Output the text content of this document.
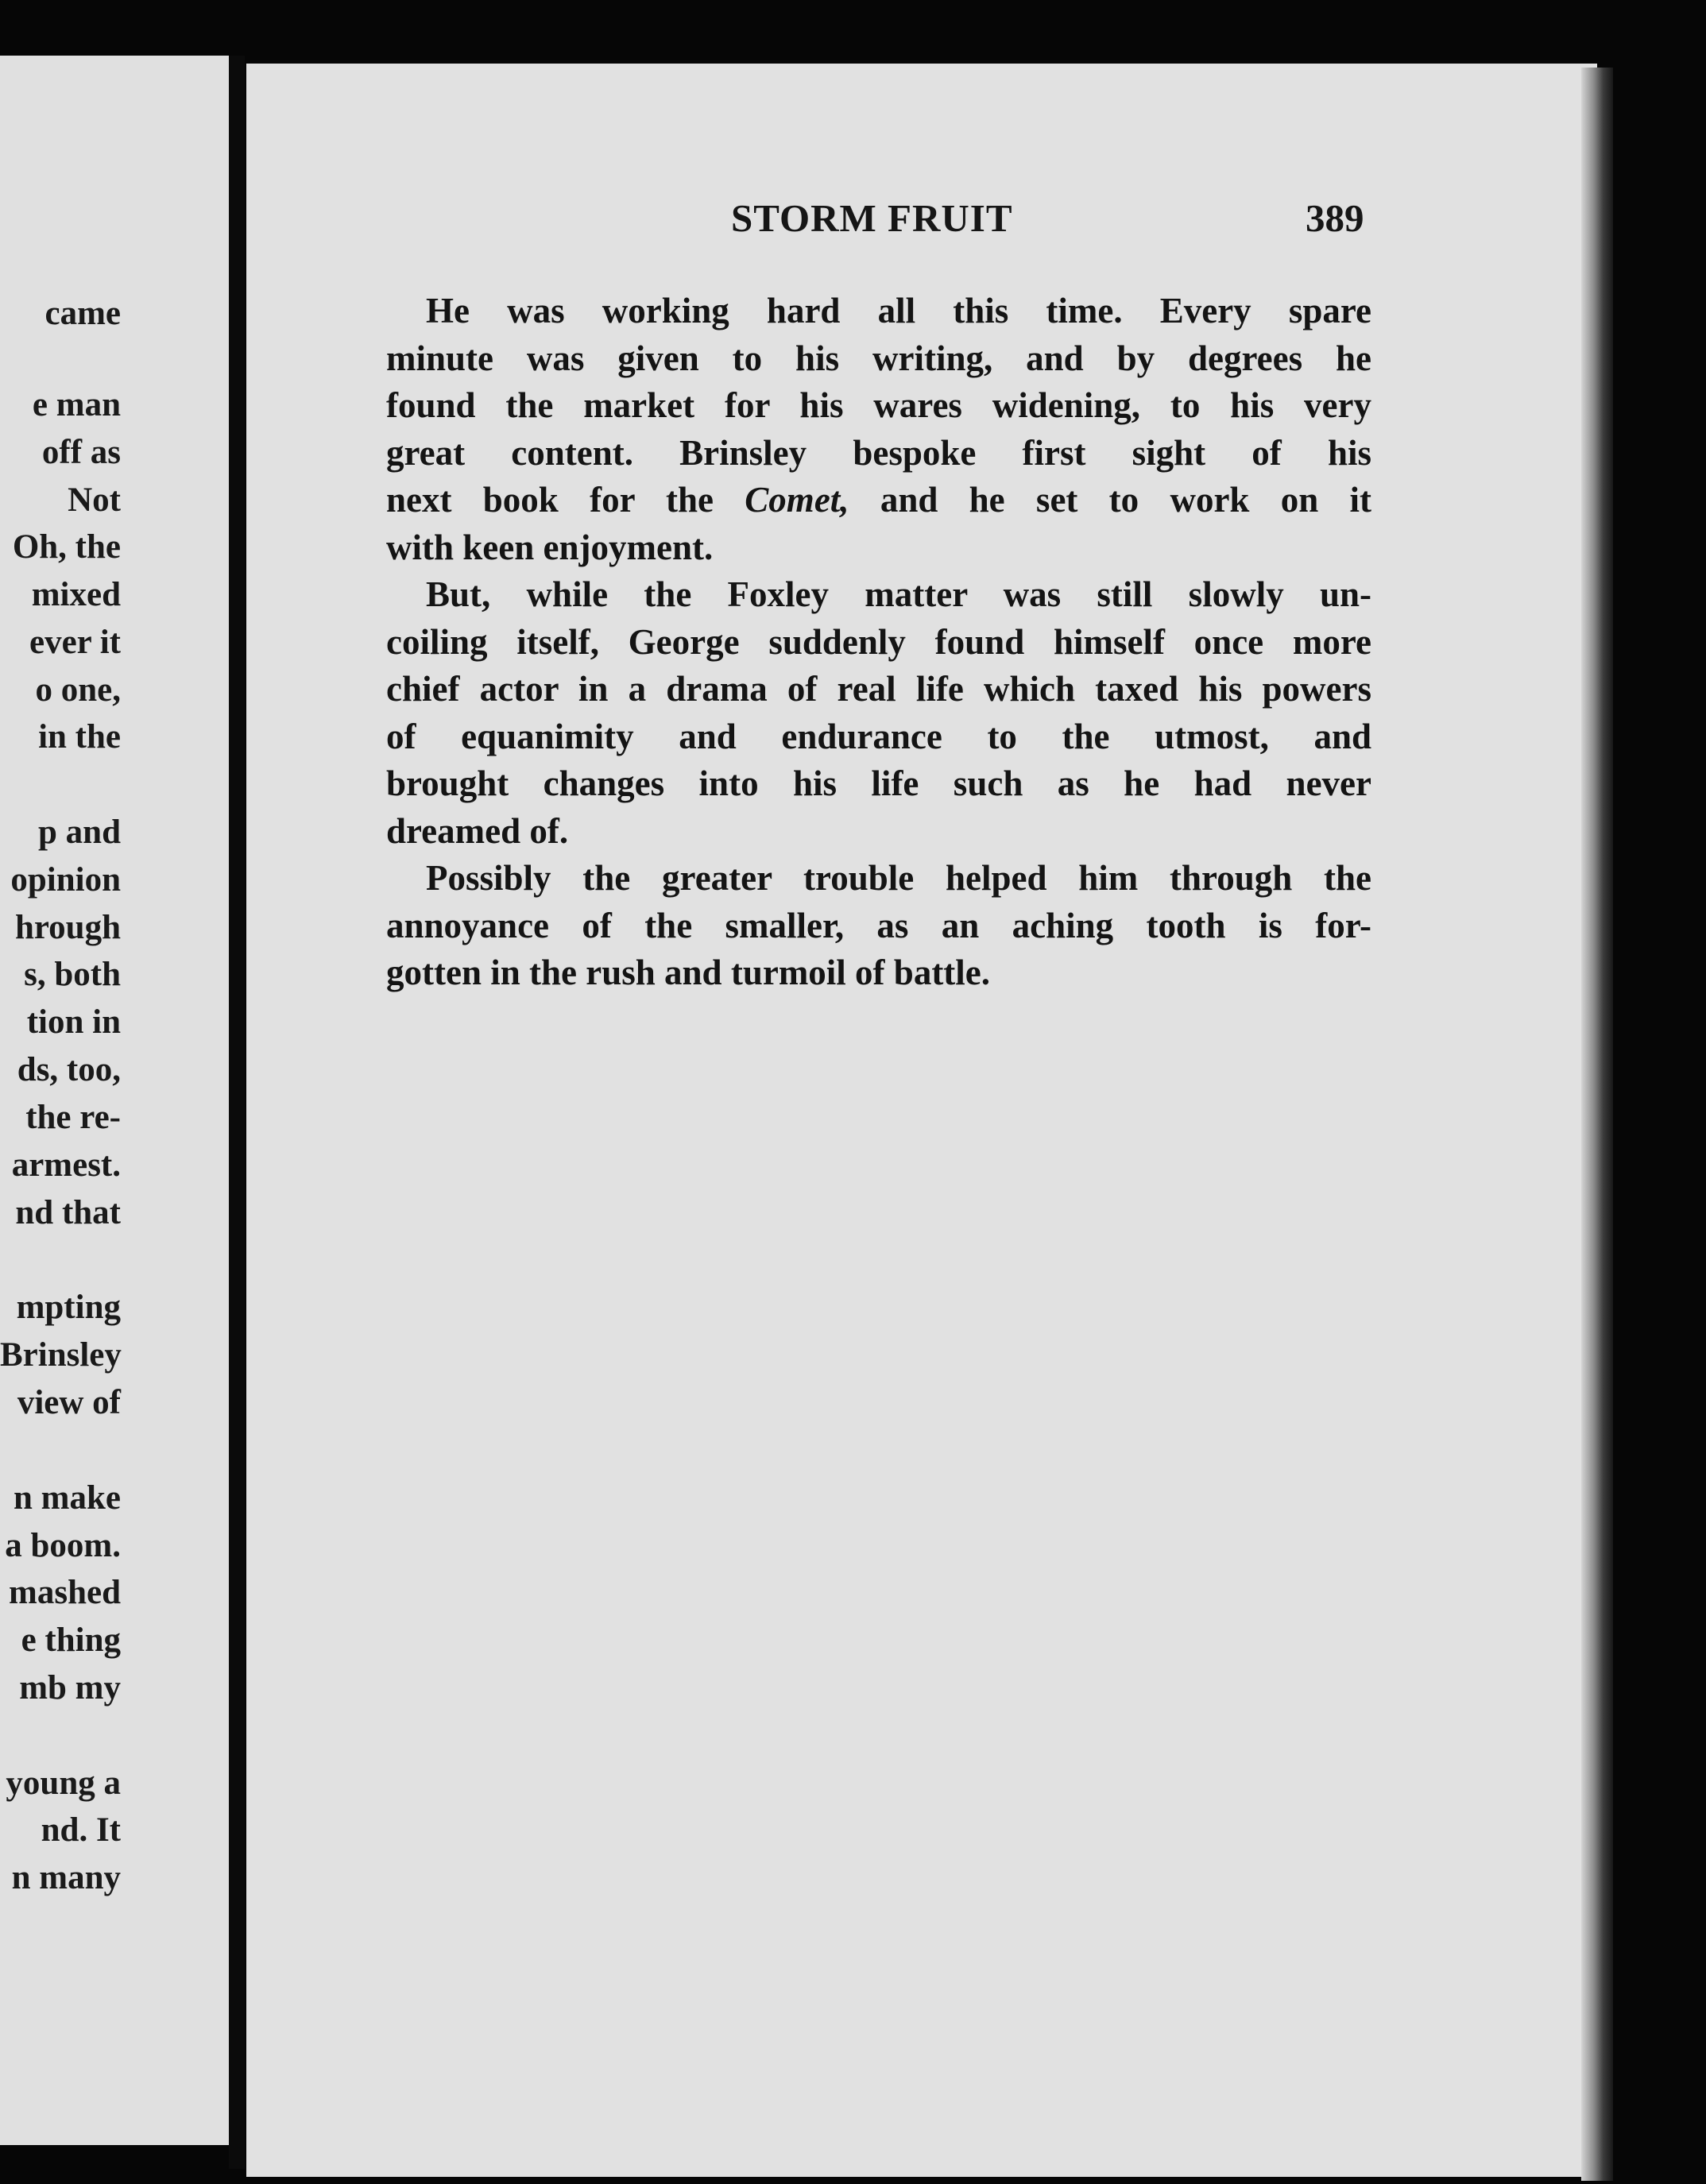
came
e man
off as
Not
Oh, the
mixed
ever it
o one,
in the
p and
opinion
hrough
s, both
tion in
ds, too,
the re-
armest.
nd that
mpting
Brinsley
view of
n make
a boom.
mashed
e thing
mb my
young a
nd. It
n many
STORM FRUIT	389
He was working hard all this time. Every spare
minute was given to his writing, and by degrees he
found the market for his wares widening, to his very
great content. Brinsley bespoke first sight of his
next book for the Comet, and he set to work on it
with keen enjoyment.
But, while the Foxley matter was still slowly un-
coiling itself, George suddenly found himself once more
chief actor in a drama of real life which taxed his powers
of equanimity and endurance to the utmost, and
brought changes into his life such as he had never
dreamed of.
Possibly the greater trouble helped him through the
annoyance of the smaller, as an aching tooth is for-
gotten in the rush and turmoil of battle.
